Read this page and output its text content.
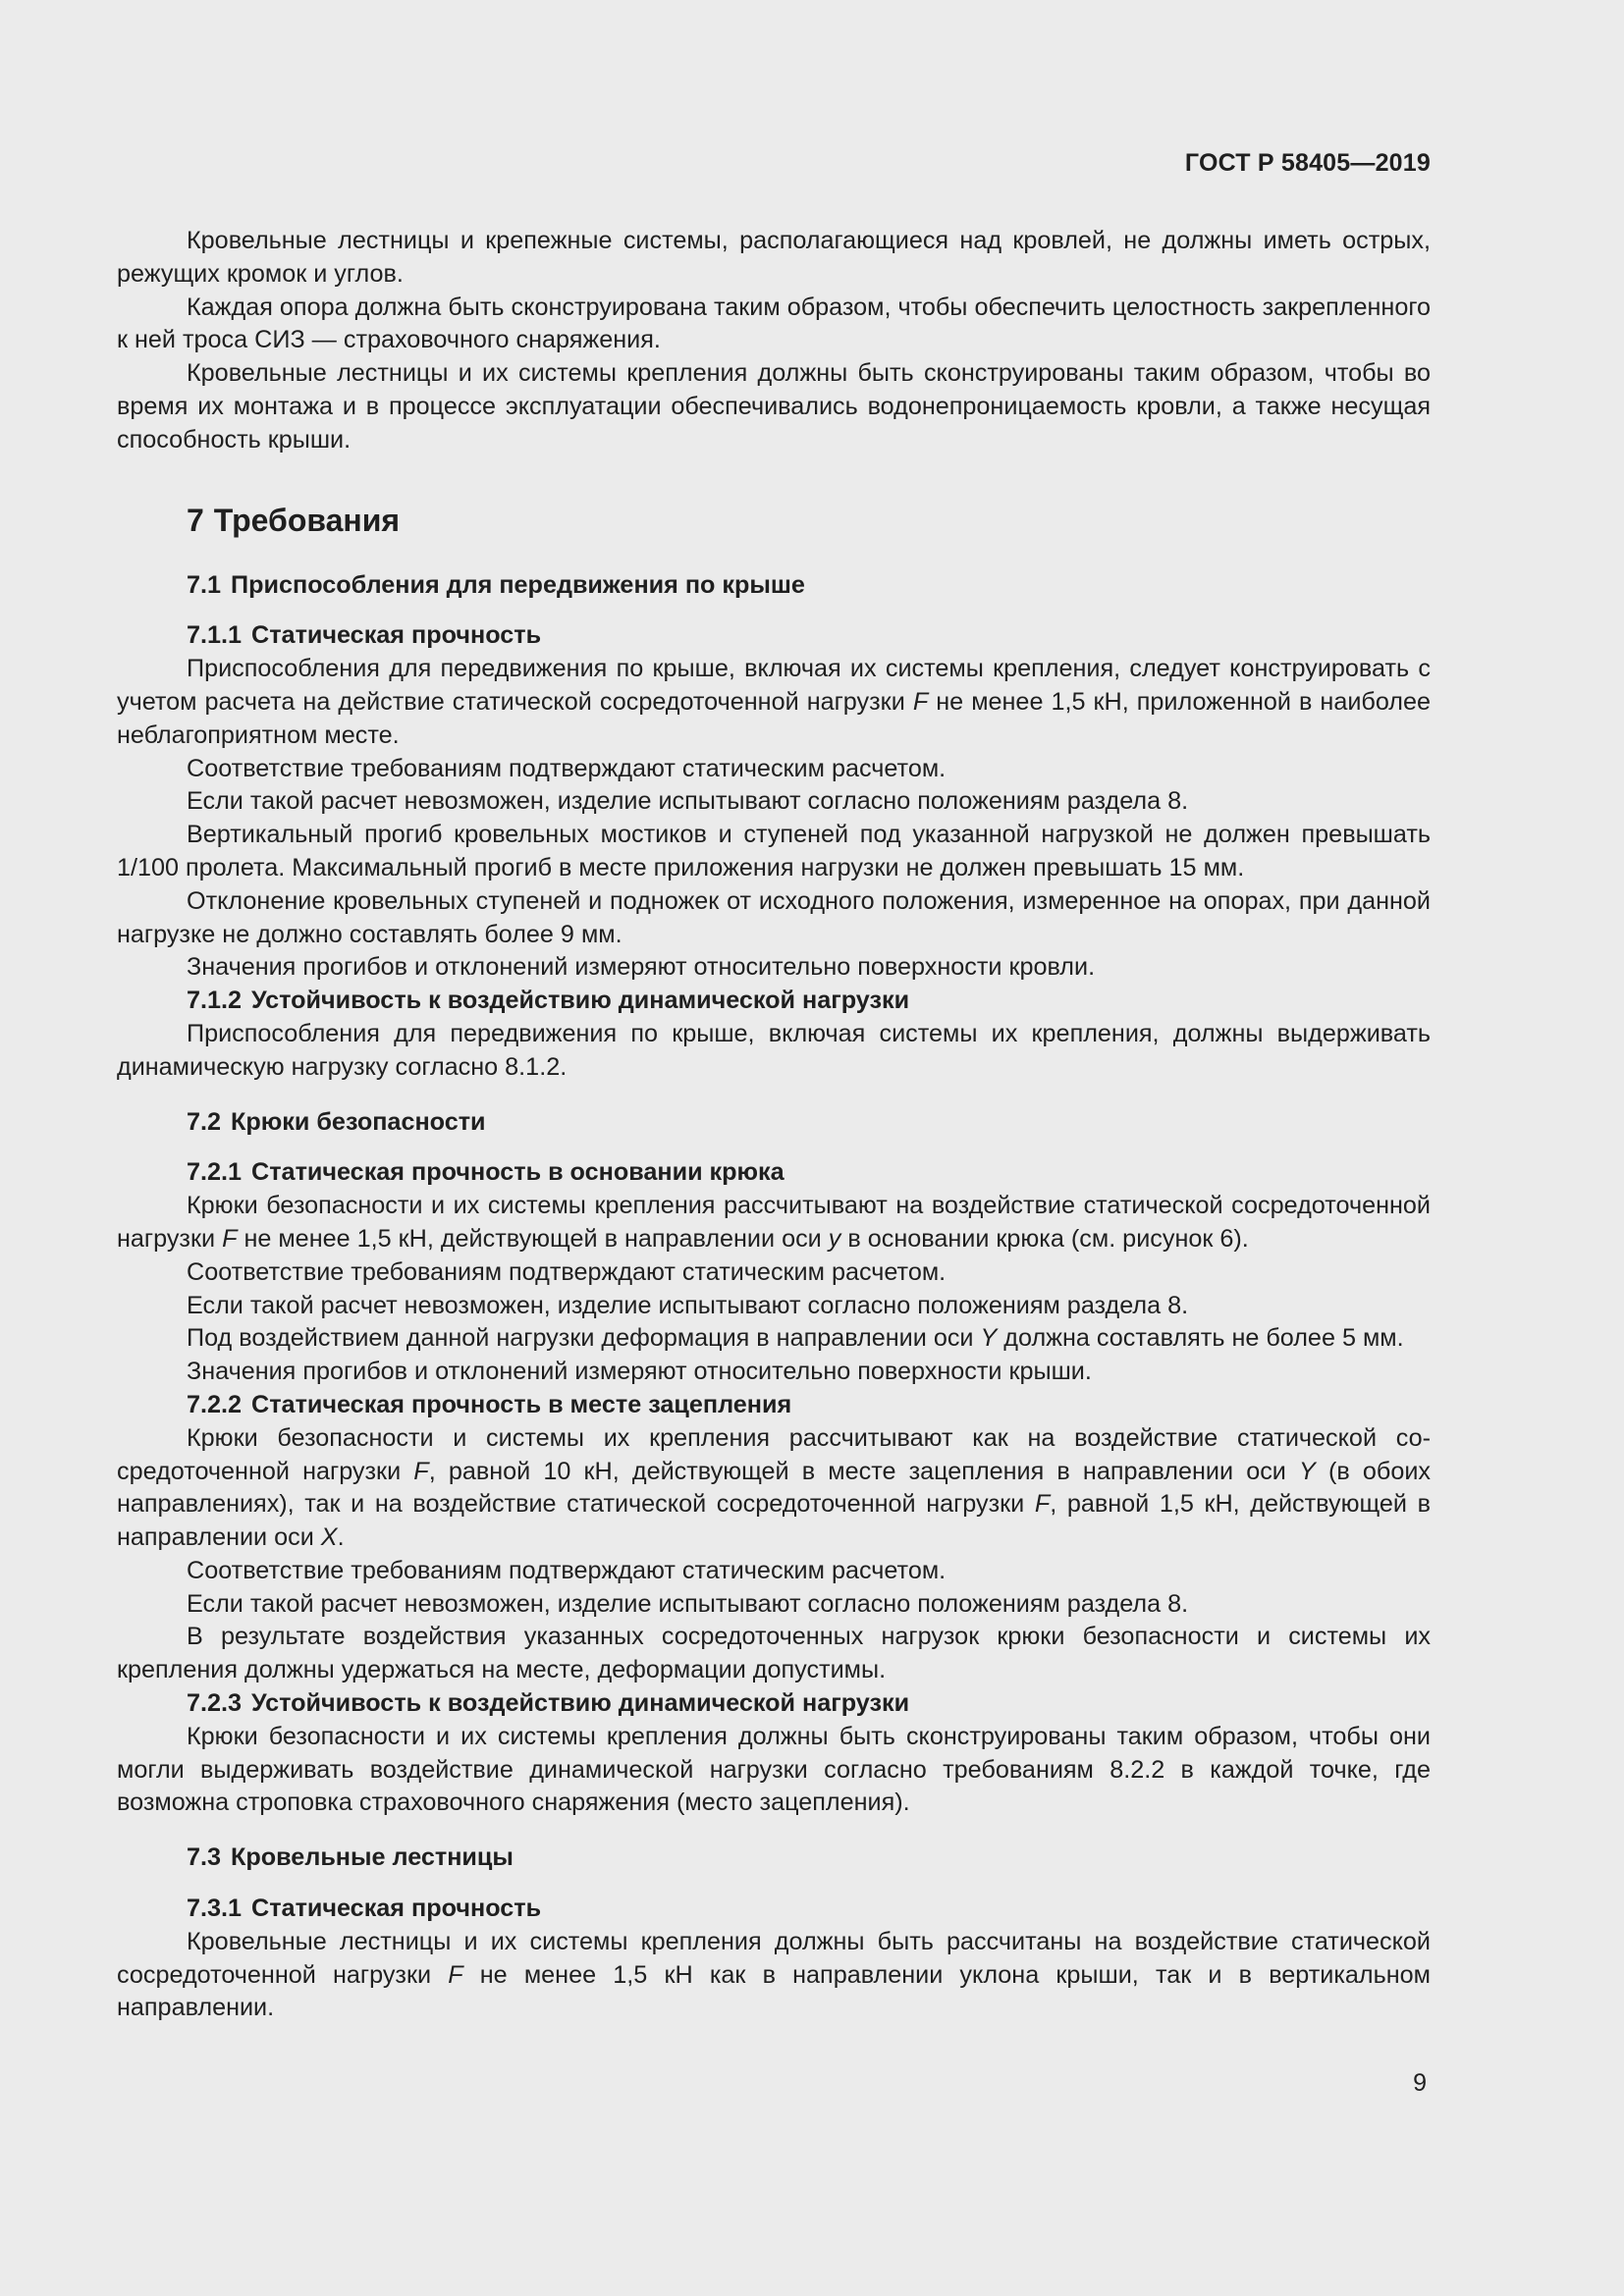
ГОСТ Р 58405—2019

Кровельные лестницы и крепежные системы, располагающиеся над кровлей, не должны иметь острых, режущих кромок и углов.

Каждая опора должна быть сконструирована таким образом, чтобы обеспечить целостность закрепленного к ней троса СИЗ — страховочного снаряжения.

Кровельные лестницы и их системы крепления должны быть сконструированы таким образом, чтобы во время их монтажа и в процессе эксплуатации обеспечивались водонепроницаемость кровли, а также несущая способность крыши.

7 Требования
7.1 Приспособления для передвижения по крыше
7.1.1 Статическая прочность

Приспособления для передвижения по крыше, включая их системы крепления, следует конструировать с учетом расчета на действие статической сосредоточенной нагрузки F не менее 1,5 кН, приложенной в наиболее неблагоприятном месте.

Соответствие требованиям подтверждают статическим расчетом.

Если такой расчет невозможен, изделие испытывают согласно положениям раздела 8.

Вертикальный прогиб кровельных мостиков и ступеней под указанной нагрузкой не должен превышать 1/100 пролета. Максимальный прогиб в месте приложения нагрузки не должен превышать 15 мм.

Отклонение кровельных ступеней и подножек от исходного положения, измеренное на опорах, при данной нагрузке не должно составлять более 9 мм.

Значения прогибов и отклонений измеряют относительно поверхности кровли.

7.1.2 Устойчивость к воздействию динамической нагрузки

Приспособления для передвижения по крыше, включая системы их крепления, должны выдерживать динамическую нагрузку согласно 8.1.2.

7.2 Крюки безопасности
7.2.1 Статическая прочность в основании крюка

Крюки безопасности и их системы крепления рассчитывают на воздействие статической сосредоточенной нагрузки F не менее 1,5 кН, действующей в направлении оси y в основании крюка (см. рисунок 6).

Соответствие требованиям подтверждают статическим расчетом.

Если такой расчет невозможен, изделие испытывают согласно положениям раздела 8.

Под воздействием данной нагрузки деформация в направлении оси Y должна составлять не более 5 мм.

Значения прогибов и отклонений измеряют относительно поверхности крыши.

7.2.2 Статическая прочность в месте зацепления

Крюки безопасности и системы их крепления рассчитывают как на воздействие статической сосредоточенной нагрузки F, равной 10 кН, действующей в месте зацепления в направлении оси Y (в обоих направлениях), так и на воздействие статической сосредоточенной нагрузки F, равной 1,5 кН, действующей в направлении оси X.

Соответствие требованиям подтверждают статическим расчетом.

Если такой расчет невозможен, изделие испытывают согласно положениям раздела 8.

В результате воздействия указанных сосредоточенных нагрузок крюки безопасности и системы их крепления должны удержаться на месте, деформации допустимы.

7.2.3 Устойчивость к воздействию динамической нагрузки

Крюки безопасности и их системы крепления должны быть сконструированы таким образом, чтобы они могли выдерживать воздействие динамической нагрузки согласно требованиям 8.2.2 в каждой точке, где возможна строповка страховочного снаряжения (место зацепления).

7.3 Кровельные лестницы
7.3.1 Статическая прочность

Кровельные лестницы и их системы крепления должны быть рассчитаны на воздействие статической сосредоточенной нагрузки F не менее 1,5 кН как в направлении уклона крыши, так и в вертикальном направлении.

9
